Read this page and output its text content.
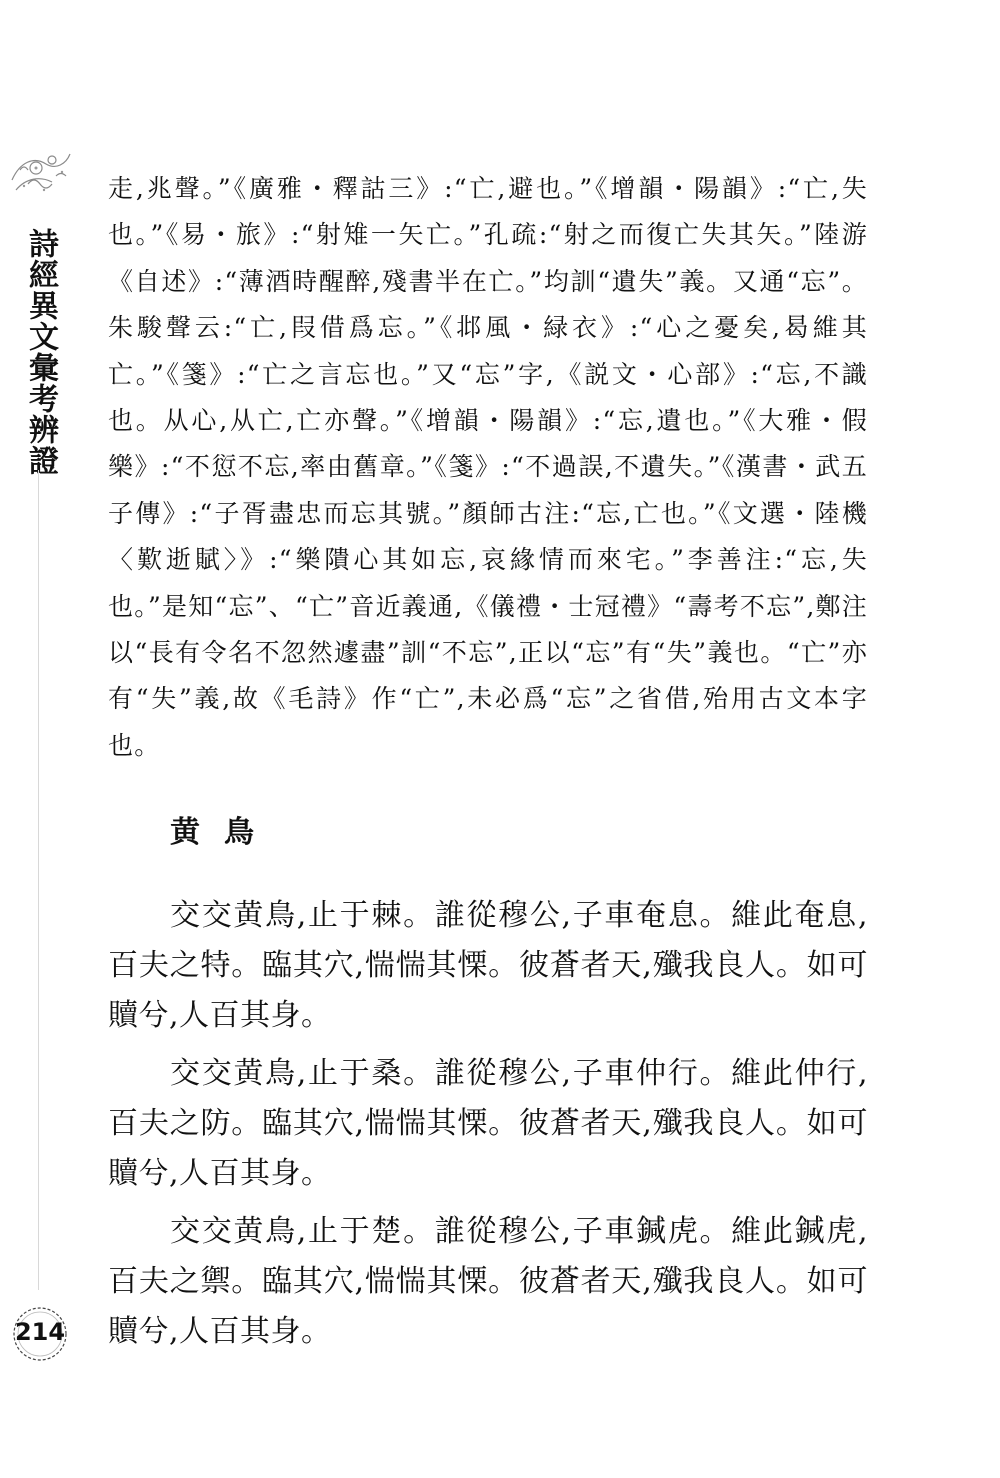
詩經異文彙考辨證

走,兆聲。”《廣雅・釋詁三》:“亡,避也。”《增韻・陽韻》:“亡,失也。”《易・旅》:“射雉一矢亡。”孔疏:“射之而復亡失其矢。”陸游《自述》:“薄酒時醒醉,殘書半在亡。”均訓“遺失”義。又通“忘”。朱駿聲云:“亡,叚借爲忘。”《邶風・緑衣》:“心之憂矣,曷維其亡。”《箋》:“亡之言忘也。”又“忘”字,《説文・心部》:“忘,不識也。从心,从亡,亡亦聲。”《增韻・陽韻》:“忘,遺也。”《大雅・假樂》:“不愆不忘,率由舊章。”《箋》:“不過誤,不遺失。”《漢書・武五子傳》:“子胥盡忠而忘其號。”顏師古注:“忘,亡也。”《文選・陸機〈歎逝賦〉》:“樂隤心其如忘,哀緣情而來宅。”李善注:“忘,失也。”是知“忘”、“亡”音近義通,《儀禮・士冠禮》“壽考不忘”,鄭注以“長有令名不忽然遽盡”訓“不忘”,正以“忘”有“失”義也。“亡”亦有“失”義,故《毛詩》作“亡”,未必爲“忘”之省借,殆用古文本字也。

黄鳥

交交黄鳥,止于棘。誰從穆公,子車奄息。維此奄息,百夫之特。臨其穴,惴惴其慄。彼蒼者天,殲我良人。如可贖兮,人百其身。

交交黄鳥,止于桑。誰從穆公,子車仲行。維此仲行,百夫之防。臨其穴,惴惴其慄。彼蒼者天,殲我良人。如可贖兮,人百其身。

交交黄鳥,止于楚。誰從穆公,子車鍼虎。維此鍼虎,百夫之禦。臨其穴,惴惴其慄。彼蒼者天,殲我良人。如可贖兮,人百其身。

214
